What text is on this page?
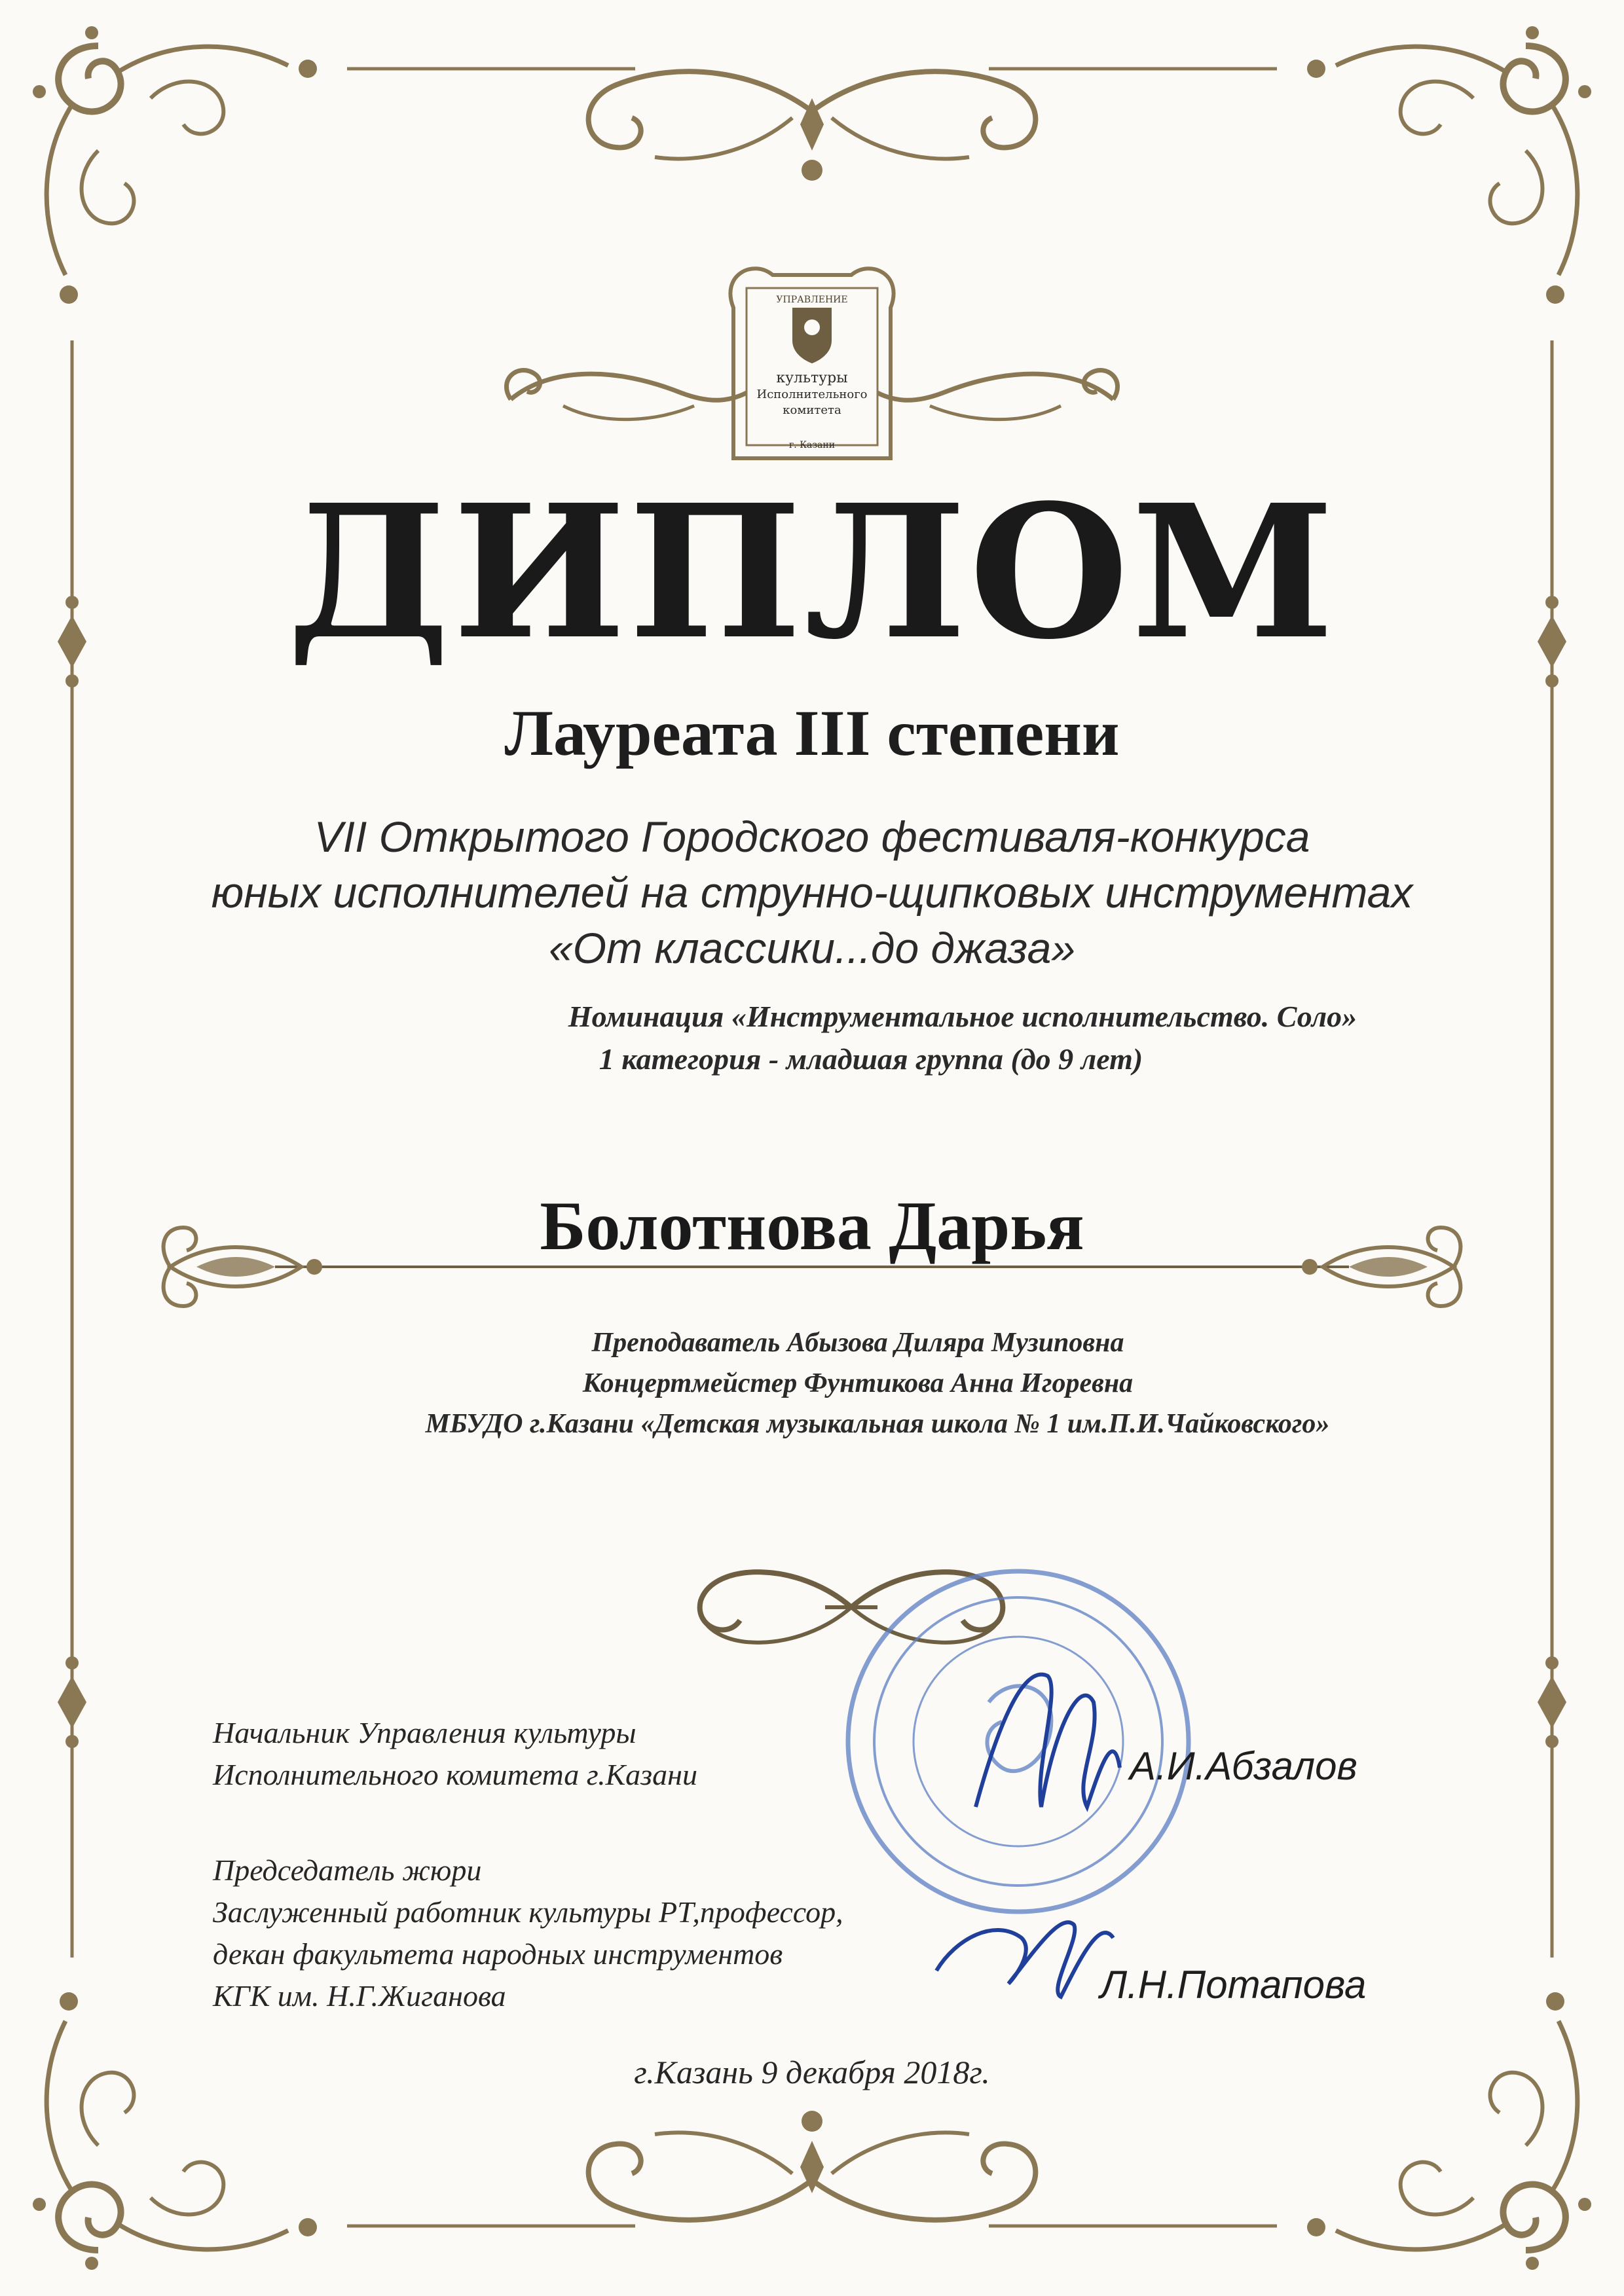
УПРАВЛЕНИЕ
культуры
Исполнительного
комитета
г. Казани
ДИПЛОМ
Лауреата III степени
VII Открытого Городского фестиваля-конкурса
юных исполнителей на струнно-щипковых инструментах
«От классики...до джаза»
Номинация «Инструментальное исполнительство. Соло»
1 категория - младшая группа (до 9 лет)
Болотнова Дарья
Преподаватель Абызова Диляра Музиповна
Концертмейстер Фунтикова Анна Игоревна
МБУДО г.Казани «Детская музыкальная школа № 1 им.П.И.Чайковского»
Начальник Управления культуры
Исполнительного комитета г.Казани	А.И.Абзалов
Председатель жюри
Заслуженный работник культуры РТ,профессор,
декан факультета народных инструментов
КГК им. Н.Г.Жиганова	Л.Н.Потапова
г.Казань 9 декабря 2018г.
